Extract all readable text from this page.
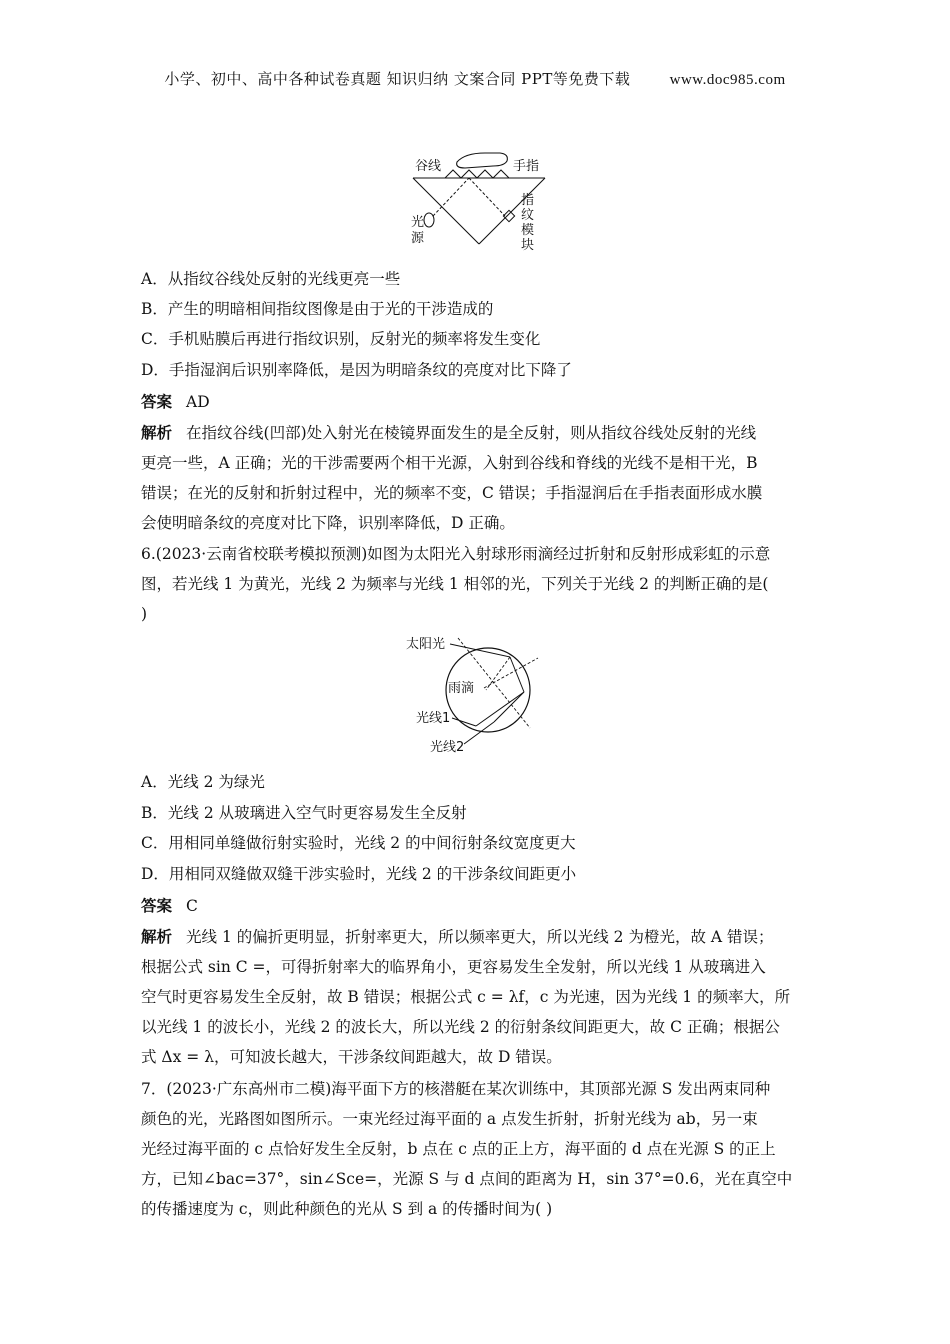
小学、初中、高中各种试卷真题 知识归纳 文案合同 PPT等免费下载	www.doc985.com
谷线	手指
光
源
指
纹
模
块
A．从指纹谷线处反射的光线更亮一些
B．产生的明暗相间指纹图像是由于光的干涉造成的
C．手机贴膜后再进行指纹识别，反射光的频率将发生变化
D．手指湿润后识别率降低，是因为明暗条纹的亮度对比下降了
答案 AD
解析 在指纹谷线(凹部)处入射光在棱镜界面发生的是全反射，则从指纹谷线处反射的光线
更亮一些，A 正确；光的干涉需要两个相干光源，入射到谷线和脊线的光线不是相干光，B
错误；在光的反射和折射过程中，光的频率不变，C 错误；手指湿润后在手指表面形成水膜
会使明暗条纹的亮度对比下降，识别率降低，D 正确。
6.(2023·云南省校联考模拟预测)如图为太阳光入射球形雨滴经过折射和反射形成彩虹的示意
图，若光线 1 为黄光，光线 2 为频率与光线 1 相邻的光，下列关于光线 2 的判断正确的是(
)
太阳光
雨滴
光线1
光线2
A．光线 2 为绿光
B．光线 2 从玻璃进入空气时更容易发生全反射
C．用相同单缝做衍射实验时，光线 2 的中间衍射条纹宽度更大
D．用相同双缝做双缝干涉实验时，光线 2 的干涉条纹间距更小
答案 C
解析 光线 1 的偏折更明显，折射率更大，所以频率更大，所以光线 2 为橙光，故 A 错误；
根据公式 sin C =，可得折射率大的临界角小，更容易发生全发射，所以光线 1 从玻璃进入
空气时更容易发生全反射，故 B 错误；根据公式 c = λf，c 为光速，因为光线 1 的频率大，所
以光线 1 的波长小，光线 2 的波长大，所以光线 2 的衍射条纹间距更大，故 C 正确；根据公
式 Δx = λ，可知波长越大，干涉条纹间距越大，故 D 错误。
7．(2023·广东高州市二模)海平面下方的核潜艇在某次训练中，其顶部光源 S 发出两束同种
颜色的光，光路图如图所示。一束光经过海平面的 a 点发生折射，折射光线为 ab，另一束
光经过海平面的 c 点恰好发生全反射，b 点在 c 点的正上方，海平面的 d 点在光源 S 的正上
方，已知∠bac=37°，sin∠Sce=，光源 S 与 d 点间的距离为 H，sin 37°=0.6，光在真空中
的传播速度为 c，则此种颜色的光从 S 到 a 的传播时间为( )
